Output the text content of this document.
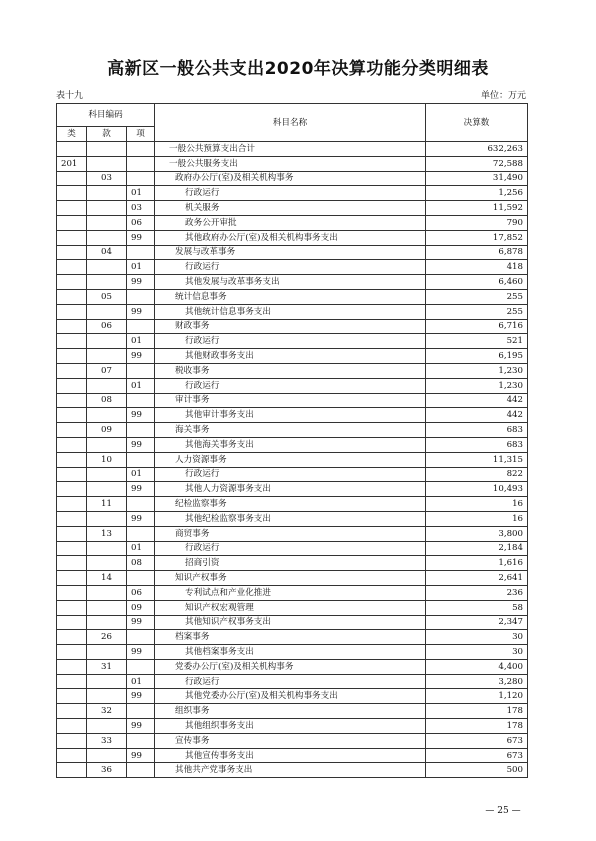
高新区一般公共支出2020年决算功能分类明细表
表十九	单位：万元
科目编码			科目名称	决算数
类	款	项		
			一般公共预算支出合计	632,263
201			一般公共服务支出	72,588
	03		政府办公厅(室)及相关机构事务	31,490
		01	行政运行	1,256
		03	机关服务	11,592
		06	政务公开审批	790
		99	其他政府办公厅(室)及相关机构事务支出	17,852
	04		发展与改革事务	6,878
		01	行政运行	418
		99	其他发展与改革事务支出	6,460
	05		统计信息事务	255
		99	其他统计信息事务支出	255
	06		财政事务	6,716
		01	行政运行	521
		99	其他财政事务支出	6,195
	07		税收事务	1,230
		01	行政运行	1,230
	08		审计事务	442
		99	其他审计事务支出	442
	09		海关事务	683
		99	其他海关事务支出	683
	10		人力资源事务	11,315
		01	行政运行	822
		99	其他人力资源事务支出	10,493
	11		纪检监察事务	16
		99	其他纪检监察事务支出	16
	13		商贸事务	3,800
		01	行政运行	2,184
		08	招商引资	1,616
	14		知识产权事务	2,641
		06	专利试点和产业化推进	236
		09	知识产权宏观管理	58
		99	其他知识产权事务支出	2,347
	26		档案事务	30
		99	其他档案事务支出	30
	31		党委办公厅(室)及相关机构事务	4,400
		01	行政运行	3,280
		99	其他党委办公厅(室)及相关机构事务支出	1,120
	32		组织事务	178
		99	其他组织事务支出	178
	33		宣传事务	673
		99	其他宣传事务支出	673
	36		其他共产党事务支出	500
— 25 —
